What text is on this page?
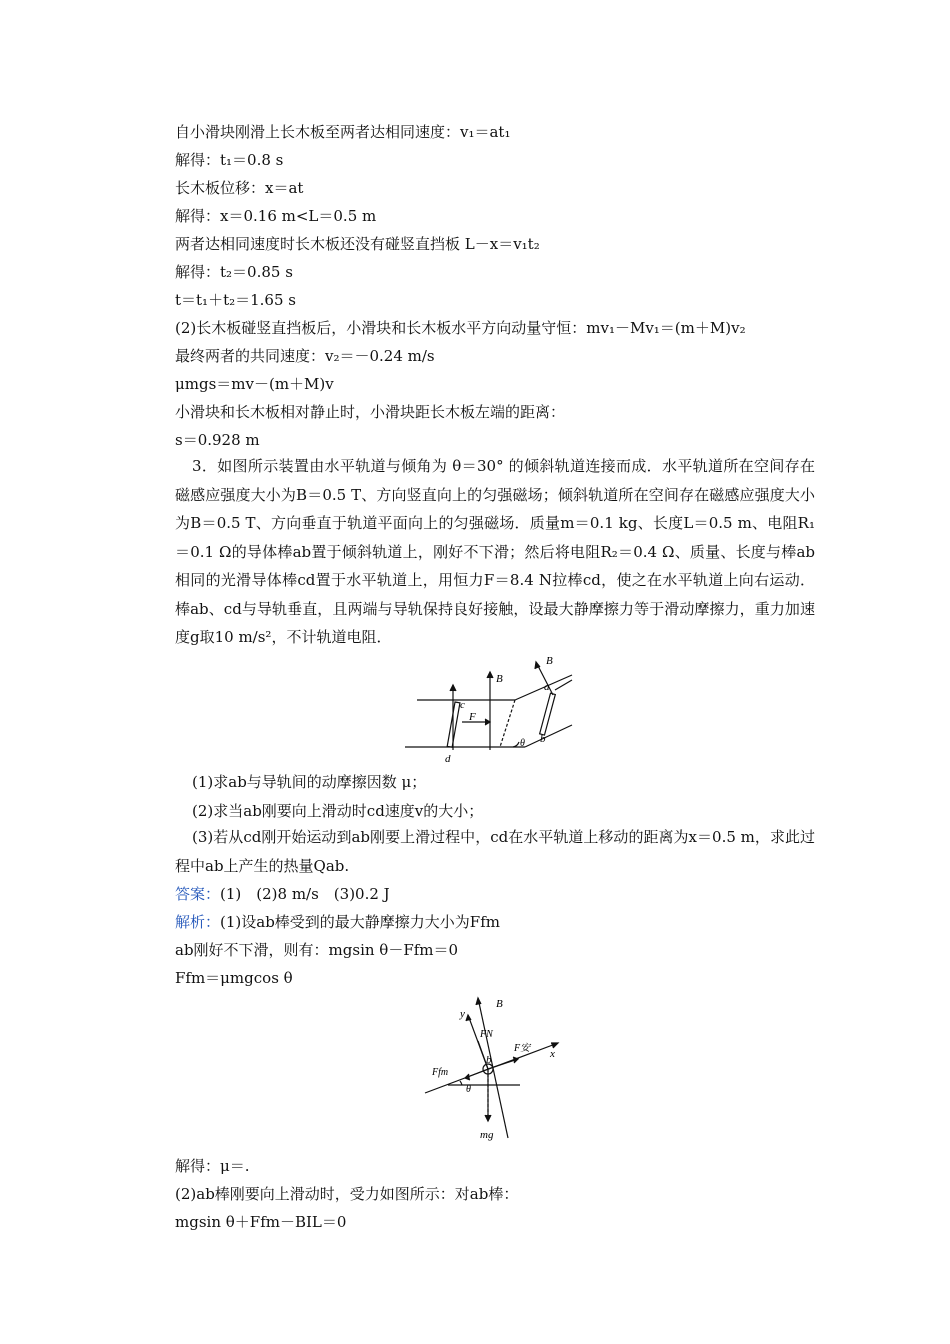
自小滑块刚滑上长木板至两者达相同速度：v₁＝at₁
解得：t₁＝0.8 s
长木板位移：x＝at
解得：x＝0.16 m<L＝0.5 m
两者达相同速度时长木板还没有碰竖直挡板 L－x＝v₁t₂
解得：t₂＝0.85 s
t＝t₁＋t₂＝1.65 s
(2)长木板碰竖直挡板后，小滑块和长木板水平方向动量守恒：mv₁－Mv₁＝(m＋M)v₂
最终两者的共同速度：v₂＝－0.24 m/s
μmgs＝mv－(m＋M)v
小滑块和长木板相对静止时，小滑块距长木板左端的距离：
s＝0.928 m

3．如图所示装置由水平轨道与倾角为 θ＝30° 的倾斜轨道连接而成．水平轨道所在空间存在磁感应强度大小为B＝0.5 T、方向竖直向上的匀强磁场；倾斜轨道所在空间存在磁感应强度大小为B＝0.5 T、方向垂直于轨道平面向上的匀强磁场．质量m＝0.1 kg、长度L＝0.5 m、电阻R₁＝0.1 Ω的导体棒ab置于倾斜轨道上，刚好不下滑；然后将电阻R₂＝0.4 Ω、质量、长度与棒ab相同的光滑导体棒cd置于水平轨道上，用恒力F＝8.4 N拉棒cd，使之在水平轨道上向右运动．棒ab、cd与导轨垂直，且两端与导轨保持良好接触，设最大静摩擦力等于滑动摩擦力，重力加速度g取10 m/s²，不计轨道电阻．

B
B
c
F
d
a
b
θ
(1)求ab与导轨间的动摩擦因数 μ；
(2)求当ab刚要向上滑动时cd速度v的大小；

(3)若从cd刚开始运动到ab刚要上滑过程中，cd在水平轨道上移动的距离为x＝0.5 m，求此过程中ab上产生的热量Qab.

答案：(1)　(2)8 m/s　(3)0.2 J
解析：(1)设ab棒受到的最大静摩擦力大小为Ffm
ab刚好不下滑，则有：mgsin θ－Ffm＝0
Ffm＝μmgcos θ
B
y
FN
F安
b	x
Ffm
θ
mg
解得：μ＝.
(2)ab棒刚要向上滑动时，受力如图所示：对ab棒：
mgsin θ＋Ffm－BIL＝0
